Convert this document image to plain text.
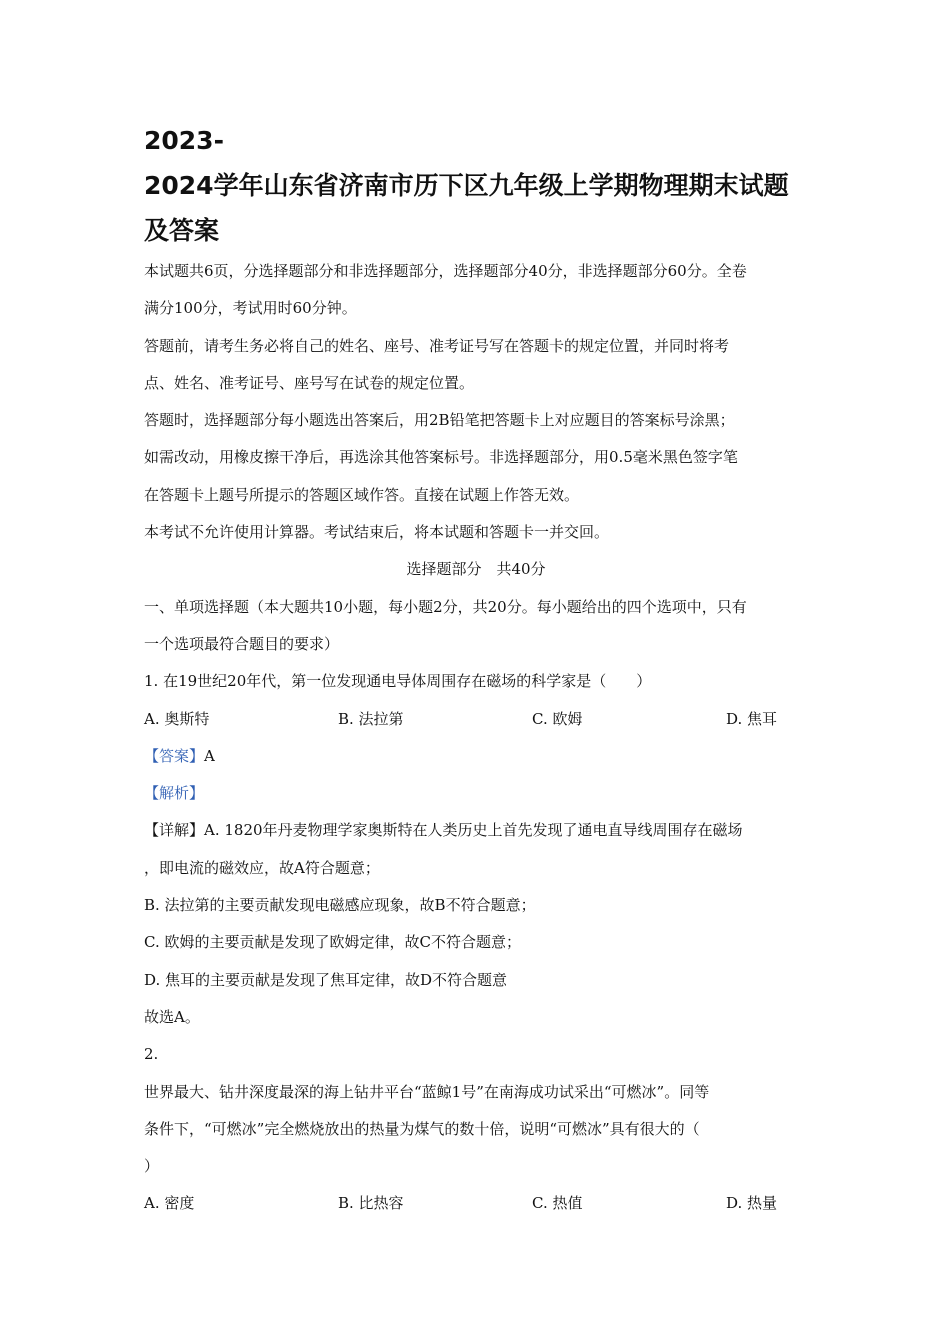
2023-
2024学年山东省济南市历下区九年级上学期物理期末试题
及答案

本试题共6页，分选择题部分和非选择题部分，选择题部分40分，非选择题部分60分。全卷

满分100分，考试用时60分钟。

答题前，请考生务必将自己的姓名、座号、准考证号写在答题卡的规定位置，并同时将考

点、姓名、准考证号、座号写在试卷的规定位置。

答题时，选择题部分每小题选出答案后，用2B铅笔把答题卡上对应题目的答案标号涂黑；

如需改动，用橡皮擦干净后，再选涂其他答案标号。非选择题部分，用0.5毫米黑色签字笔

在答题卡上题号所提示的答题区域作答。直接在试题上作答无效。

本考试不允许使用计算器。考试结束后，将本试题和答题卡一并交回。

选择题部分　共40分

一、单项选择题（本大题共10小题，每小题2分，共20分。每小题给出的四个选项中，只有

一个选项最符合题目的要求）

1. 在19世纪20年代，第一位发现通电导体周围存在磁场的科学家是（　　）

A. 奥斯特	B. 法拉第	C. 欧姆	D. 焦耳

【答案】A

【解析】

【详解】A. 1820年丹麦物理学家奥斯特在人类历史上首先发现了通电直导线周围存在磁场

，即电流的磁效应，故A符合题意；

B. 法拉第的主要贡献发现电磁感应现象，故B不符合题意；

C. 欧姆的主要贡献是发现了欧姆定律，故C不符合题意；

D. 焦耳的主要贡献是发现了焦耳定律，故D不符合题意

故选A。

2.

世界最大、钻井深度最深的海上钻井平台“蓝鲸1号”在南海成功试采出“可燃冰”。同等

条件下，“可燃冰”完全燃烧放出的热量为煤气的数十倍，说明“可燃冰”具有很大的（

）

A. 密度	B. 比热容	C. 热值	D. 热量
